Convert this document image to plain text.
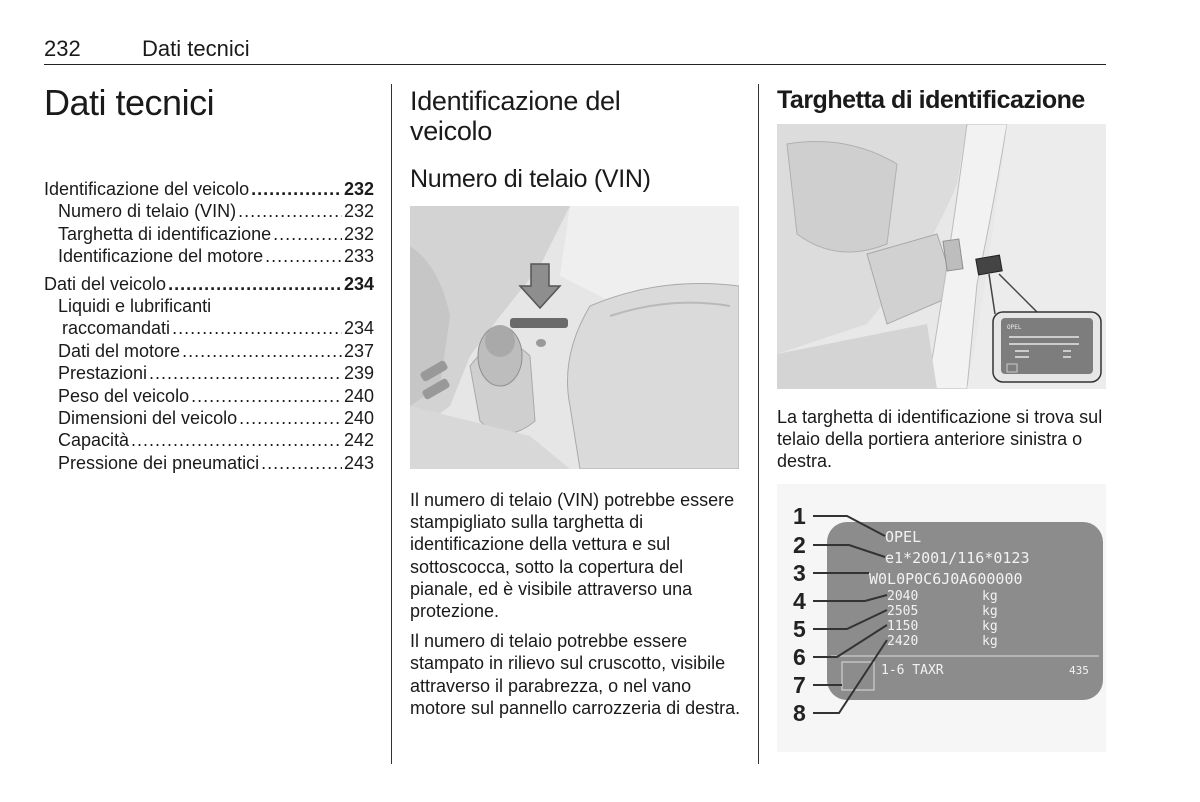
232	Dati tecnici
Dati tecnici
Identificazione del veicolo .....	232
Numero di telaio (VIN) .....	232
Targhetta di identificazione .....	232
Identificazione del motore .....	233
Dati del veicolo .....	234
Liquidi e lubrificanti
raccomandati .....	234
Dati del motore .....	237
Prestazioni .....	239
Peso del veicolo .....	240
Dimensioni del veicolo .....	240
Capacità .....	242
Pressione dei pneumatici .....	243
Identificazione del
veicolo
Numero di telaio (VIN)

Il numero di telaio (VIN) potrebbe essere stampigliato sulla targhetta di identificazione della vettura e sul sottoscocca, sotto la copertura del pianale, ed è visibile attraverso una protezione.

Il numero di telaio potrebbe essere stampato in rilievo sul cruscotto, visibile attraverso il parabrezza, o nel vano motore sul pannello carrozzeria di destra.

Targhetta di identificazione
OPEL

La targhetta di identificazione si trova sul telaio della portiera anteriore sinistra o destra.

OPEL
e1*2001/116*0123
W0L0P0C6J0A600000
2040
2505
1150
2420
kg
kg
kg
kg
1-6 TAXR	435
1
2
3
4
5
6
7
8
